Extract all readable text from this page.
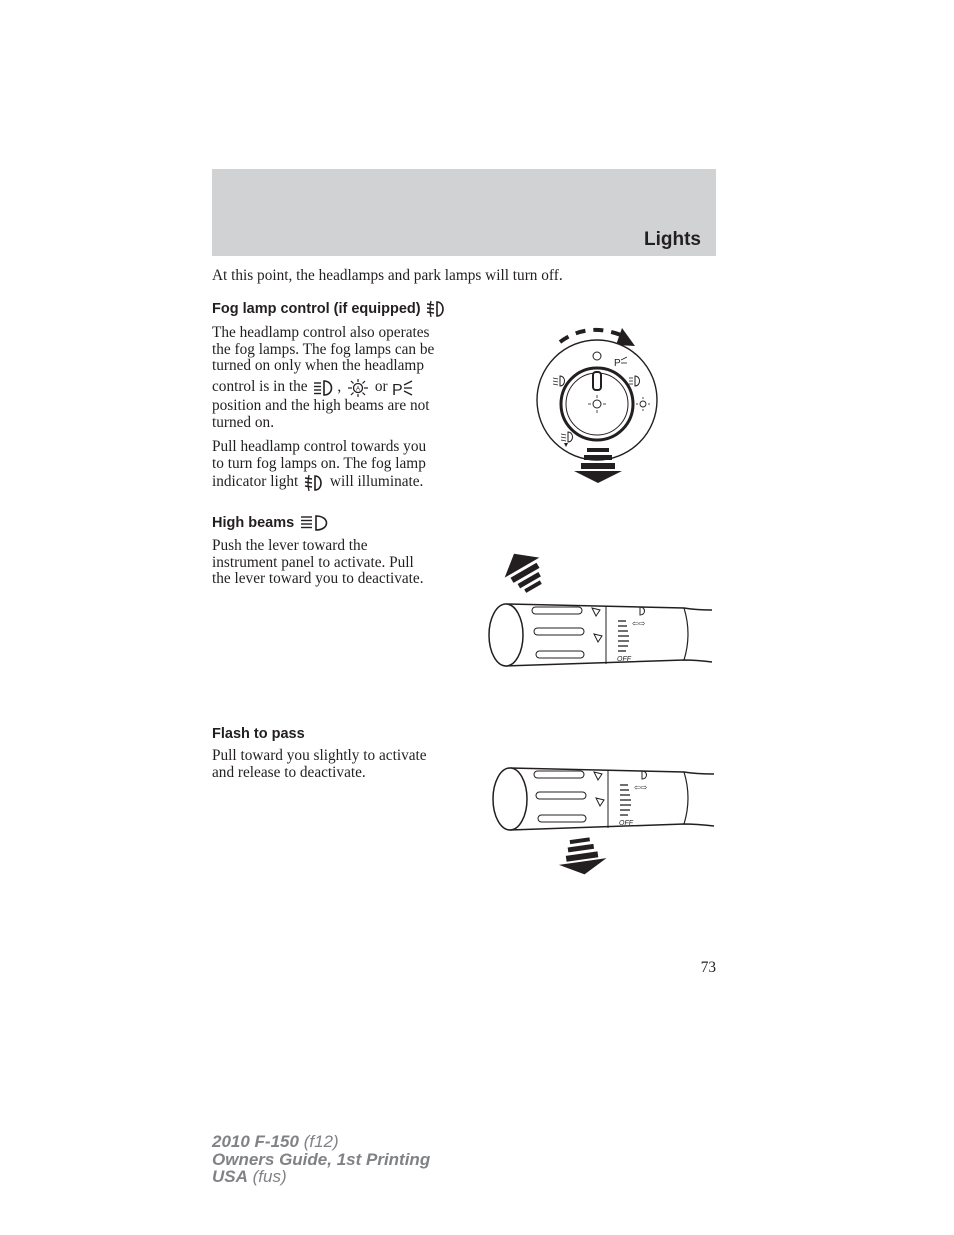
Lights
At this point, the headlamps and park lamps will turn off.
Fog lamp control (if equipped)
The headlamp control also operates
the fog lamps. The fog lamps can be
turned on only when the headlamp
control is in the , A or P
position and the high beams are not
turned on.
Pull headlamp control towards you
to turn fog lamps on. The fog lamp
indicator light will illuminate.
P
High beams
Push the lever toward the
instrument panel to activate. Pull
the lever toward you to deactivate.
⇦⇨
OFF
Flash to pass
Pull toward you slightly to activate
and release to deactivate.
⇦⇨
OFF
73
2010 F-150 (f12)
Owners Guide, 1st Printing
USA (fus)
